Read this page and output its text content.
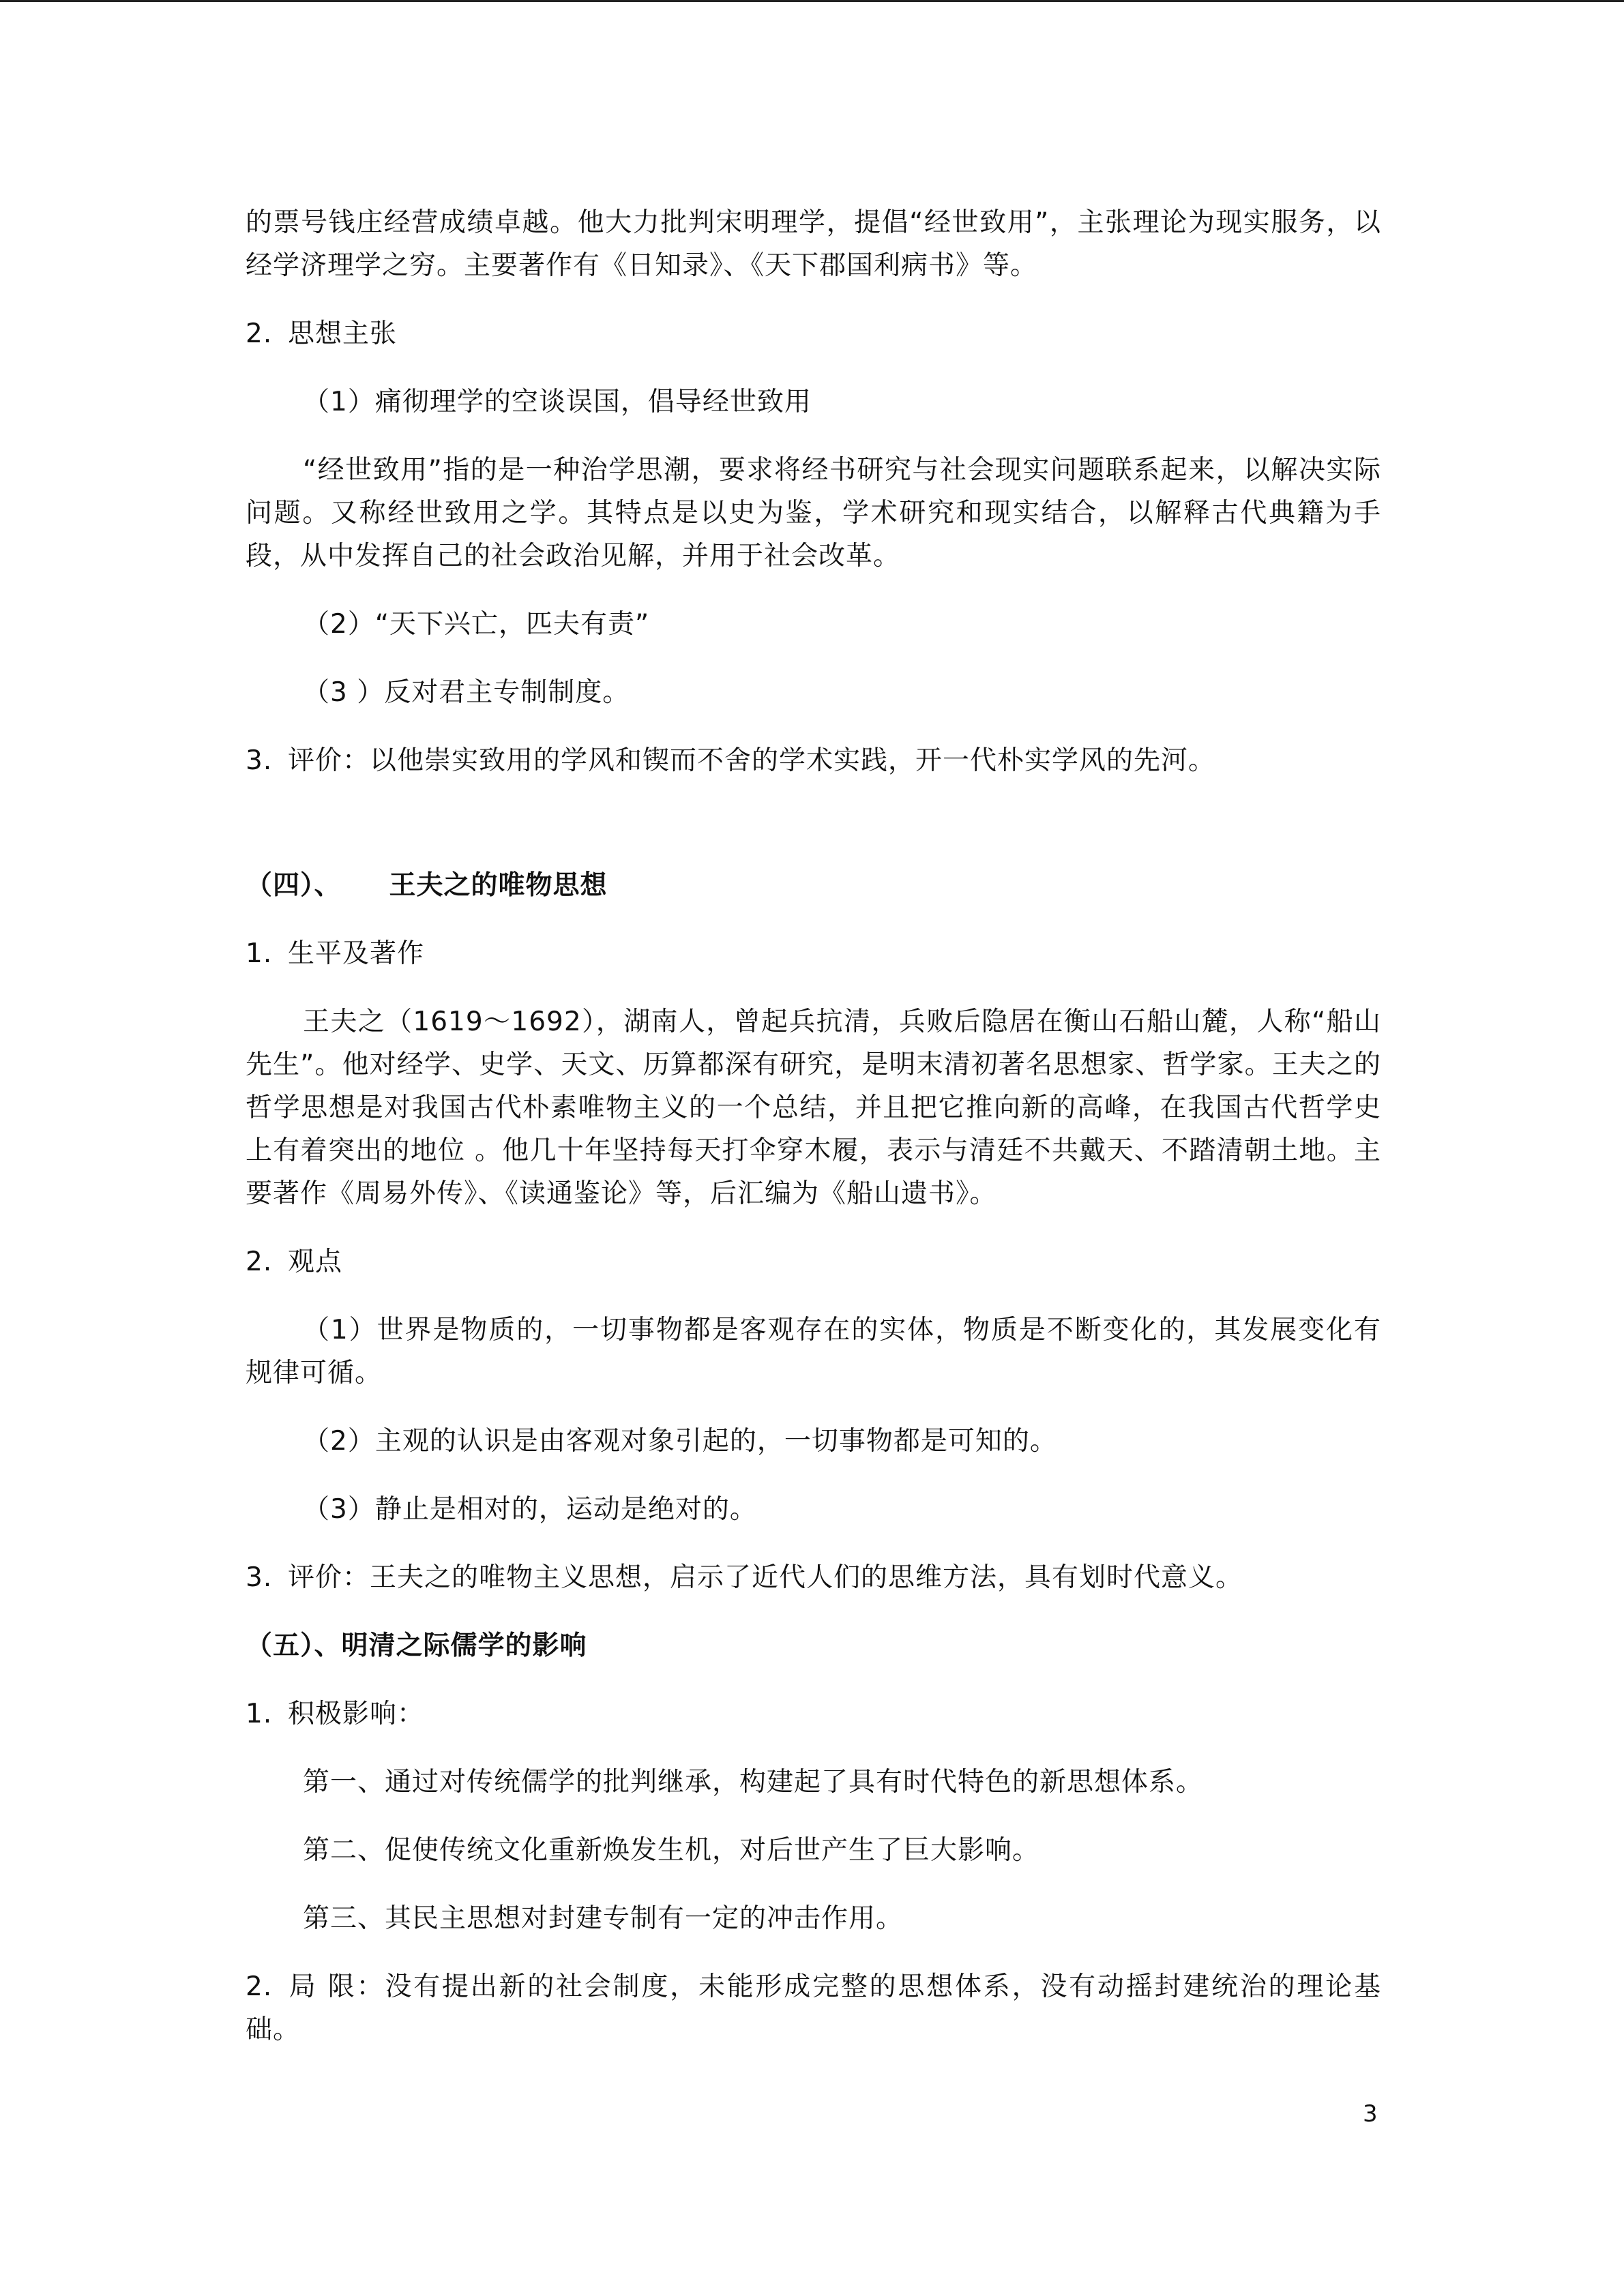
的票号钱庄经营成绩卓越。他大力批判宋明理学，提倡“经世致用”，主张理论为现实服务，以经学济理学之穷。主要著作有《日知录》、《天下郡国利病书》等。

2. 思想主张

（1）痛彻理学的空谈误国，倡导经世致用

“经世致用”指的是一种治学思潮，要求将经书研究与社会现实问题联系起来，以解决实际问题。又称经世致用之学。其特点是以史为鉴，学术研究和现实结合，以解释古代典籍为手段，从中发挥自己的社会政治见解，并用于社会改革。

（2）“天下兴亡，匹夫有责”

（3 ）反对君主专制制度。

3. 评价：以他崇实致用的学风和锲而不舍的学术实践，开一代朴实学风的先河。

（四）、 王夫之的唯物思想

1. 生平及著作

王夫之（1619～1692），湖南人，曾起兵抗清，兵败后隐居在衡山石船山麓，人称“船山先生”。他对经学、史学、天文、历算都深有研究，是明末清初著名思想家、哲学家。王夫之的哲学思想是对我国古代朴素唯物主义的一个总结，并且把它推向新的高峰，在我国古代哲学史上有着突出的地位 。他几十年坚持每天打伞穿木履，表示与清廷不共戴天、不踏清朝土地。主要著作《周易外传》、《读通鉴论》等，后汇编为《船山遗书》。

2. 观点

（1）世界是物质的，一切事物都是客观存在的实体，物质是不断变化的，其发展变化有规律可循。

（2）主观的认识是由客观对象引起的，一切事物都是可知的。

（3）静止是相对的，运动是绝对的。

3. 评价：王夫之的唯物主义思想，启示了近代人们的思维方法，具有划时代意义。

（五）、明清之际儒学的影响

1. 积极影响：

第一、通过对传统儒学的批判继承，构建起了具有时代特色的新思想体系。

第二、促使传统文化重新焕发生机，对后世产生了巨大影响。

第三、其民主思想对封建专制有一定的冲击作用。

2. 局 限：没有提出新的社会制度，未能形成完整的思想体系，没有动摇封建统治的理论基础。

3
